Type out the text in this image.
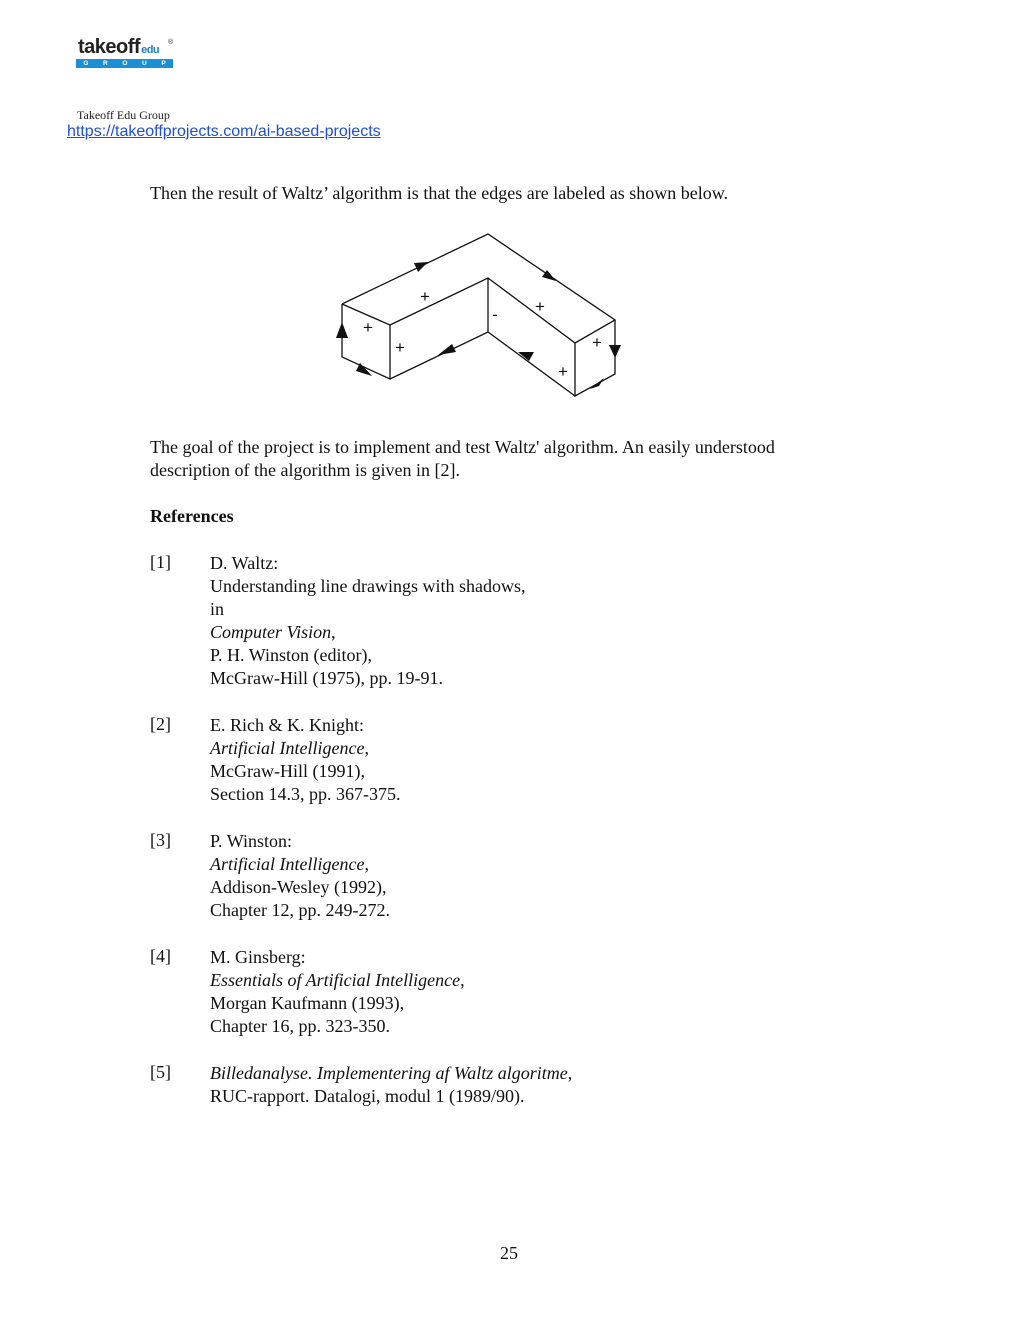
takeoffedu
®
G R O U P
Takeoff Edu Group
https://takeoffprojects.com/ai-based-projects

Then the result of Waltz’ algorithm is that the edges are labeled as shown below.

+
+
+
- +
+
+

The goal of the project is to implement and test Waltz' algorithm. An easily understood
description of the algorithm is given in [2].

References
[1] D. Waltz:
Understanding line drawings with shadows,
in
Computer Vision,
P. H. Winston (editor),
McGraw-Hill (1975), pp. 19-91.
[2] E. Rich & K. Knight:
Artificial Intelligence,
McGraw-Hill (1991),
Section 14.3, pp. 367-375.
[3] P. Winston:
Artificial Intelligence,
Addison-Wesley (1992),
Chapter 12, pp. 249-272.
[4] M. Ginsberg:
Essentials of Artificial Intelligence,
Morgan Kaufmann (1993),
Chapter 16, pp. 323-350.
[5] Billedanalyse. Implementering af Waltz algoritme,
RUC-rapport. Datalogi, modul 1 (1989/90).
25
